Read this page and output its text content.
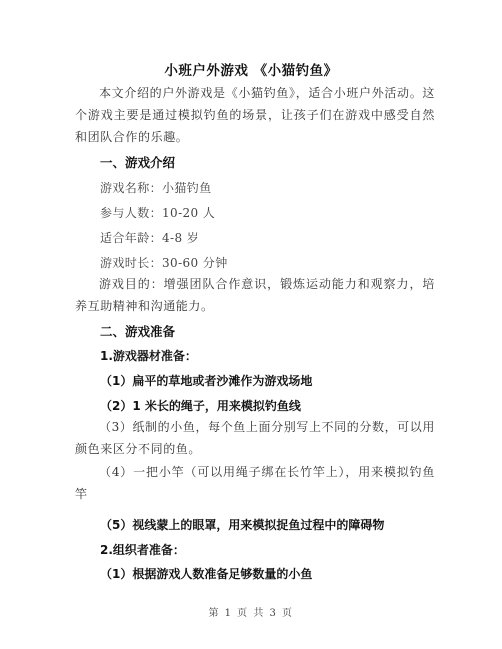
小班户外游戏 《小猫钓鱼》
本文介绍的户外游戏是《小猫钓鱼》，适合小班户外活动。这个游戏主要是通过模拟钓鱼的场景，让孩子们在游戏中感受自然和团队合作的乐趣。
一、游戏介绍
游戏名称：小猫钓鱼
参与人数：10-20 人
适合年龄：4-8 岁
游戏时长：30-60 分钟
游戏目的：增强团队合作意识，锻炼运动能力和观察力，培养互助精神和沟通能力。
二、游戏准备
1.游戏器材准备：
（1）扁平的草地或者沙滩作为游戏场地
（2）1 米长的绳子，用来模拟钓鱼线
（3）纸制的小鱼，每个鱼上面分别写上不同的分数，可以用颜色来区分不同的鱼。
（4）一把小竿（可以用绳子绑在长竹竿上），用来模拟钓鱼竿
（5）视线蒙上的眼罩，用来模拟捉鱼过程中的障碍物
2.组织者准备：
（1）根据游戏人数准备足够数量的小鱼
第 1 页 共 3 页
